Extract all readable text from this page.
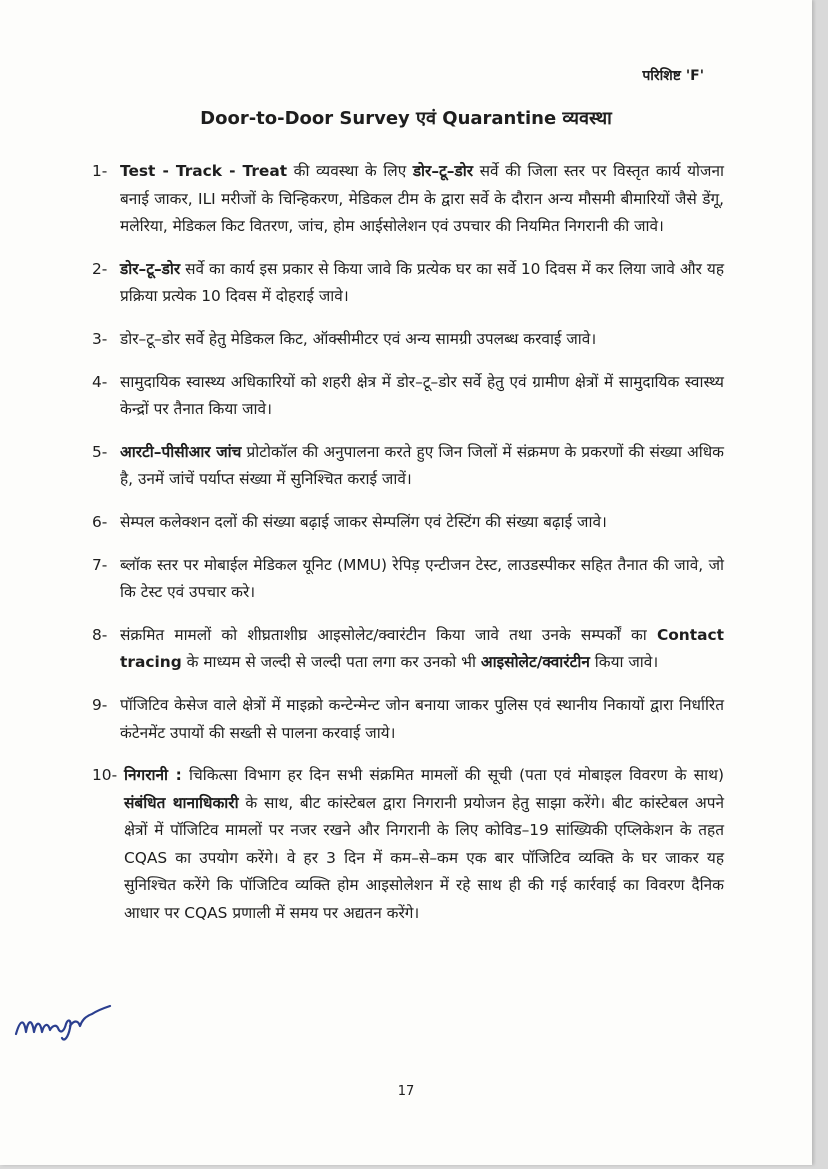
परिशिष्ट 'F'
Door-to-Door Survey एवं Quarantine व्यवस्था
1- Test - Track - Treat की व्यवस्था के लिए डोर–टू–डोर सर्वे की जिला स्तर पर विस्तृत कार्य योजना बनाई जाकर, ILI मरीजों के चिन्हिकरण, मेडिकल टीम के द्वारा सर्वे के दौरान अन्य मौसमी बीमारियों जैसे डेंगू, मलेरिया, मेडिकल किट वितरण, जांच, होम आईसोलेशन एवं उपचार की नियमित निगरानी की जावे।
2- डोर–टू–डोर सर्वे का कार्य इस प्रकार से किया जावे कि प्रत्येक घर का सर्वे 10 दिवस में कर लिया जावे और यह प्रक्रिया प्रत्येक 10 दिवस में दोहराई जावे।
3- डोर–टू–डोर सर्वे हेतु मेडिकल किट, ऑक्सीमीटर एवं अन्य सामग्री उपलब्ध करवाई जावे।
4- सामुदायिक स्वास्थ्य अधिकारियों को शहरी क्षेत्र में डोर–टू–डोर सर्वे हेतु एवं ग्रामीण क्षेत्रों में सामुदायिक स्वास्थ्य केन्द्रों पर तैनात किया जावे।
5- आरटी–पीसीआर जांच प्रोटोकॉल की अनुपालना करते हुए जिन जिलों में संक्रमण के प्रकरणों की संख्या अधिक है, उनमें जांचें पर्याप्त संख्या में सुनिश्चित कराई जावें।
6- सेम्पल कलेक्शन दलों की संख्या बढ़ाई जाकर सेम्पलिंग एवं टेस्टिंग की संख्या बढ़ाई जावे।
7- ब्लॉक स्तर पर मोबाईल मेडिकल यूनिट (MMU) रेपिड़ एन्टीजन टेस्ट, लाउडस्पीकर सहित तैनात की जावे, जो कि टेस्ट एवं उपचार करे।
8- संक्रमित मामलों को शीघ्रताशीघ्र आइसोलेट/क्वारंटीन किया जावे तथा उनके सम्पर्कों का Contact tracing के माध्यम से जल्दी से जल्दी पता लगा कर उनको भी आइसोलेट/क्वारंटीन किया जावे।
9- पॉजिटिव केसेज वाले क्षेत्रों में माइक्रो कन्टेन्मेन्ट जोन बनाया जाकर पुलिस एवं स्थानीय निकायों द्वारा निर्धारित कंटेनमेंट उपायों की सख्ती से पालना करवाई जाये।
10- निगरानी : चिकित्सा विभाग हर दिन सभी संक्रमित मामलों की सूची (पता एवं मोबाइल विवरण के साथ) संबंधित थानाधिकारी के साथ, बीट कांस्टेबल द्वारा निगरानी प्रयोजन हेतु साझा करेंगे। बीट कांस्टेबल अपने क्षेत्रों में पॉजिटिव मामलों पर नजर रखने और निगरानी के लिए कोविड–19 सांख्यिकी एप्लिकेशन के तहत CQAS का उपयोग करेंगे। वे हर 3 दिन में कम–से–कम एक बार पॉजिटिव व्यक्ति के घर जाकर यह सुनिश्चित करेंगे कि पॉजिटिव व्यक्ति होम आइसोलेशन में रहे साथ ही की गई कार्रवाई का विवरण दैनिक आधार पर CQAS प्रणाली में समय पर अद्यतन करेंगे।
17
